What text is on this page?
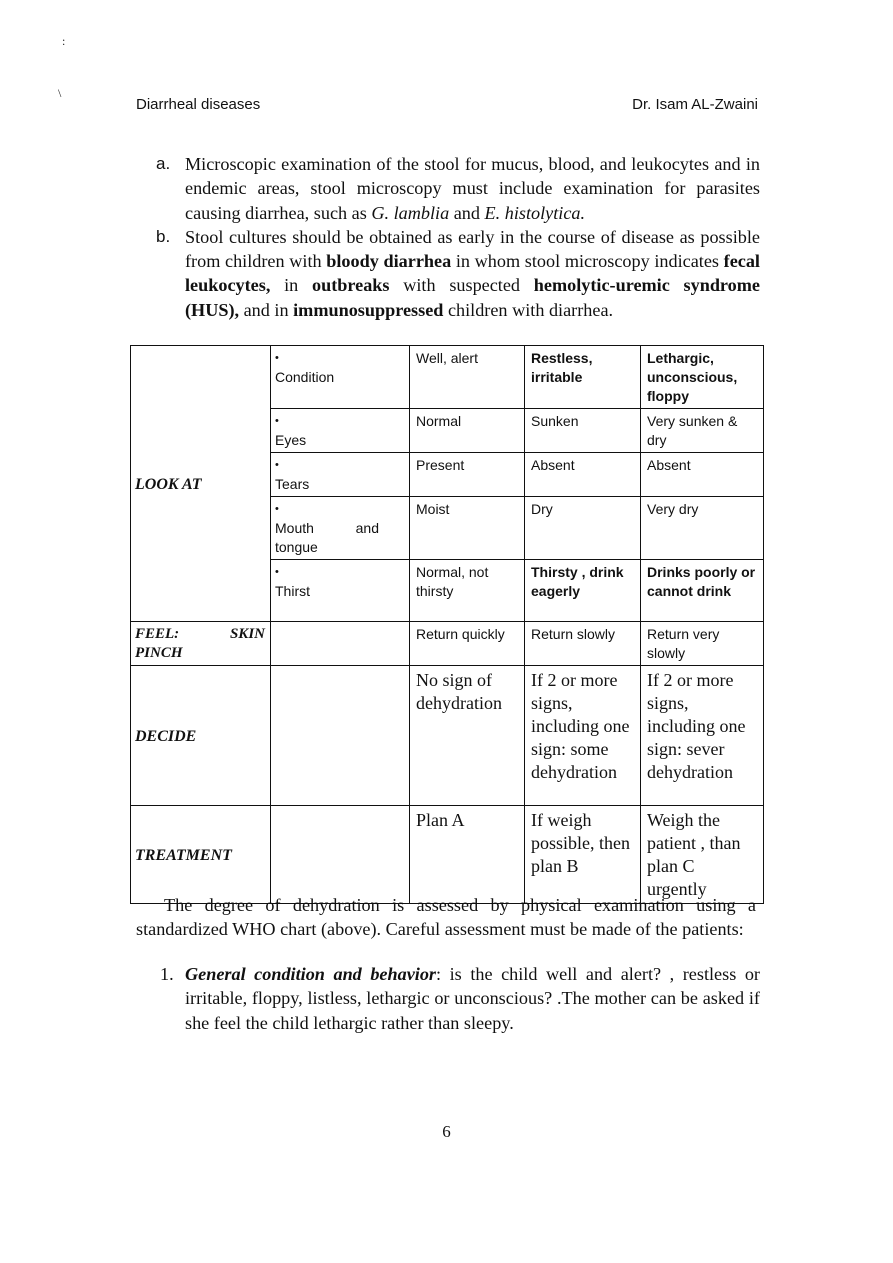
:
\
Diarrheal diseases	Dr. Isam AL-Zwaini
a. Microscopic examination of the stool for mucus, blood, and leukocytes and in endemic areas, stool microscopy must include examination for parasites causing diarrhea, such as G. lamblia and E. histolytica.
b. Stool cultures should be obtained as early in the course of disease as possible from children with bloody diarrhea in whom stool microscopy indicates fecal leukocytes, in outbreaks with suspected hemolytic-uremic syndrome (HUS), and in immunosuppressed children with diarrhea.
LOOK AT	•Condition	Well, alert	Restless, irritable	Lethargic, unconscious, floppy
	•Eyes	Normal	Sunken	Very sunken & dry
	•Tears	Present	Absent	Absent
	•Mouth and tongue	Moist	Dry	Very dry
	•Thirst	Normal, not thirsty	Thirsty , drink eagerly	Drinks poorly or cannot drink
FEEL: SKIN PINCH		Return quickly	Return slowly	Return very slowly
DECIDE		No sign of dehydration	If 2 or more signs, including one sign: some dehydration	If 2 or more signs, including one sign: sever dehydration
TREATMENT		Plan A	If weigh possible, then plan B	Weigh the patient , than plan C urgently
The degree of dehydration is assessed by physical examination using a standardized WHO chart (above). Careful assessment must be made of the patients:
1. General condition and behavior: is the child well and alert? , restless or irritable, floppy, listless, lethargic or unconscious? .The mother can be asked if she feel the child lethargic rather than sleepy.
6
